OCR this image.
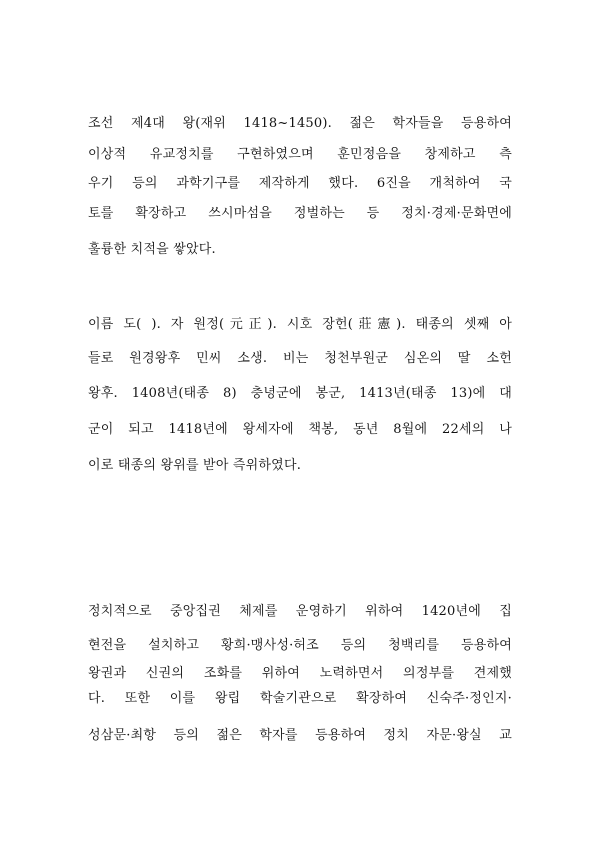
조선 제4대 왕(재위 1418~1450). 젊은 학자들을 등용하여
이상적 유교정치를 구현하였으며 훈민정음을 창제하고 측
우기 등의 과학기구를 제작하게 했다. 6진을 개척하여 국
토를 확장하고 쓰시마섬을 정벌하는 등 정치·경제·문화면에
훌륭한 치적을 쌓았다.
이름 도( ). 자 원정(元正). 시호 장헌(莊憲). 태종의 셋째 아
들로 원경왕후 민씨 소생. 비는 청천부원군 심온의 딸 소헌
왕후. 1408년(태종 8) 충녕군에 봉군, 1413년(태종 13)에 대
군이 되고 1418년에 왕세자에 책봉, 동년 8월에 22세의 나
이로 태종의 왕위를 받아 즉위하였다.
정치적으로 중앙집권 체제를 운영하기 위하여 1420년에 집
현전을 설치하고 황희·맹사성·허조 등의 청백리를 등용하여
왕권과 신권의 조화를 위하여 노력하면서 의정부를 견제했
다. 또한 이를 왕립 학술기관으로 확장하여 신숙주·정인지·
성삼문·최항 등의 젊은 학자를 등용하여 정치 자문·왕실 교
